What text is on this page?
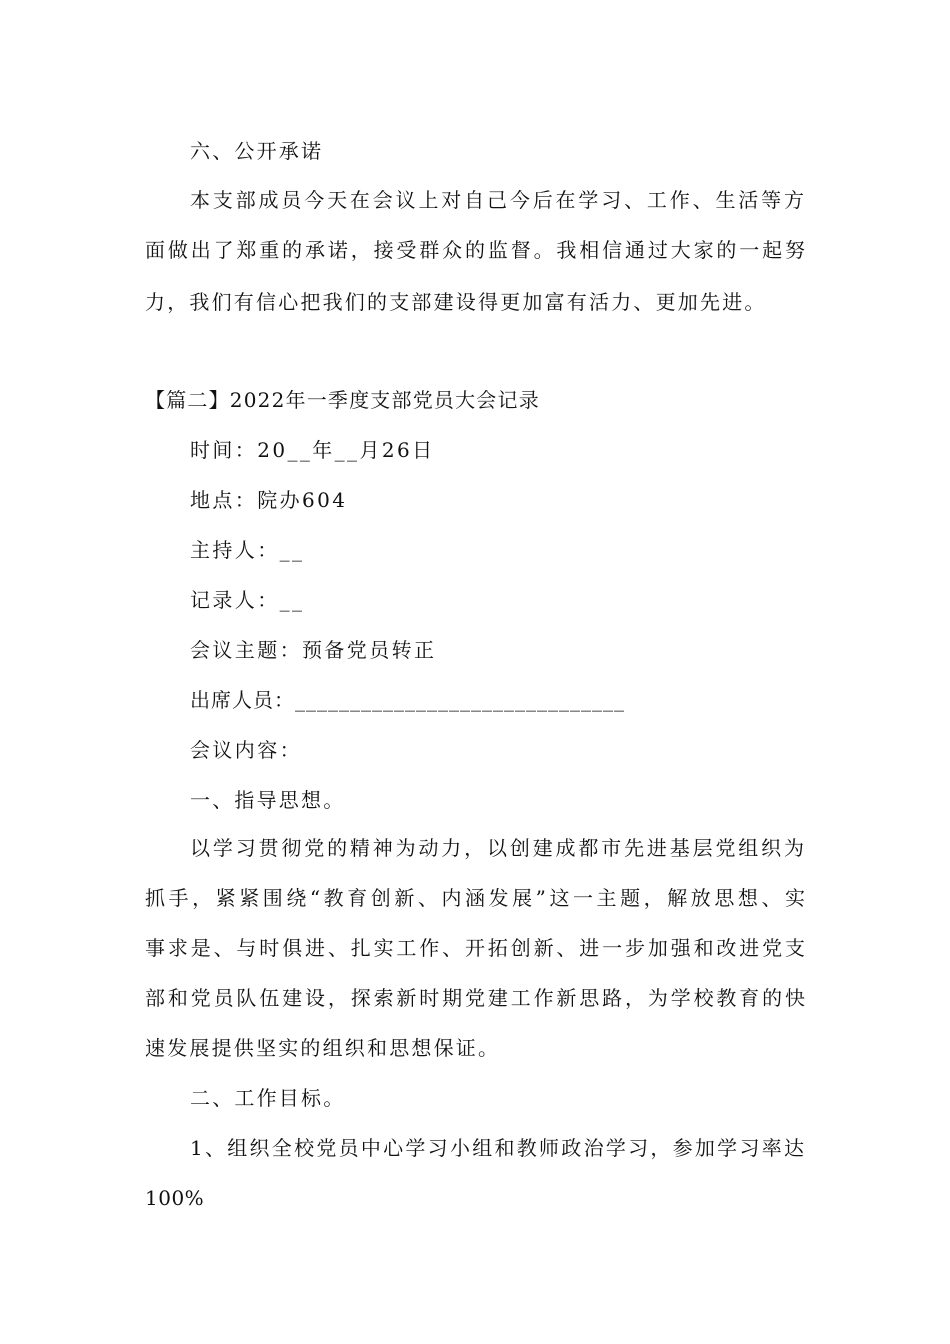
六、公开承诺

本支部成员今天在会议上对自己今后在学习、工作、生活等方

面做出了郑重的承诺，接受群众的监督。我相信通过大家的一起努

力，我们有信心把我们的支部建设得更加富有活力、更加先进。

【篇二】2022年一季度支部党员大会记录

时间：20__年__月26日

地点：院办604

主持人：__

记录人：__

会议主题：预备党员转正

出席人员：______________________________

会议内容：

一、指导思想。

以学习贯彻党的精神为动力，以创建成都市先进基层党组织为

抓手，紧紧围绕“教育创新、内涵发展”这一主题，解放思想、实

事求是、与时俱进、扎实工作、开拓创新、进一步加强和改进党支

部和党员队伍建设，探索新时期党建工作新思路，为学校教育的快

速发展提供坚实的组织和思想保证。

二、工作目标。

1、组织全校党员中心学习小组和教师政治学习，参加学习率达

100%
